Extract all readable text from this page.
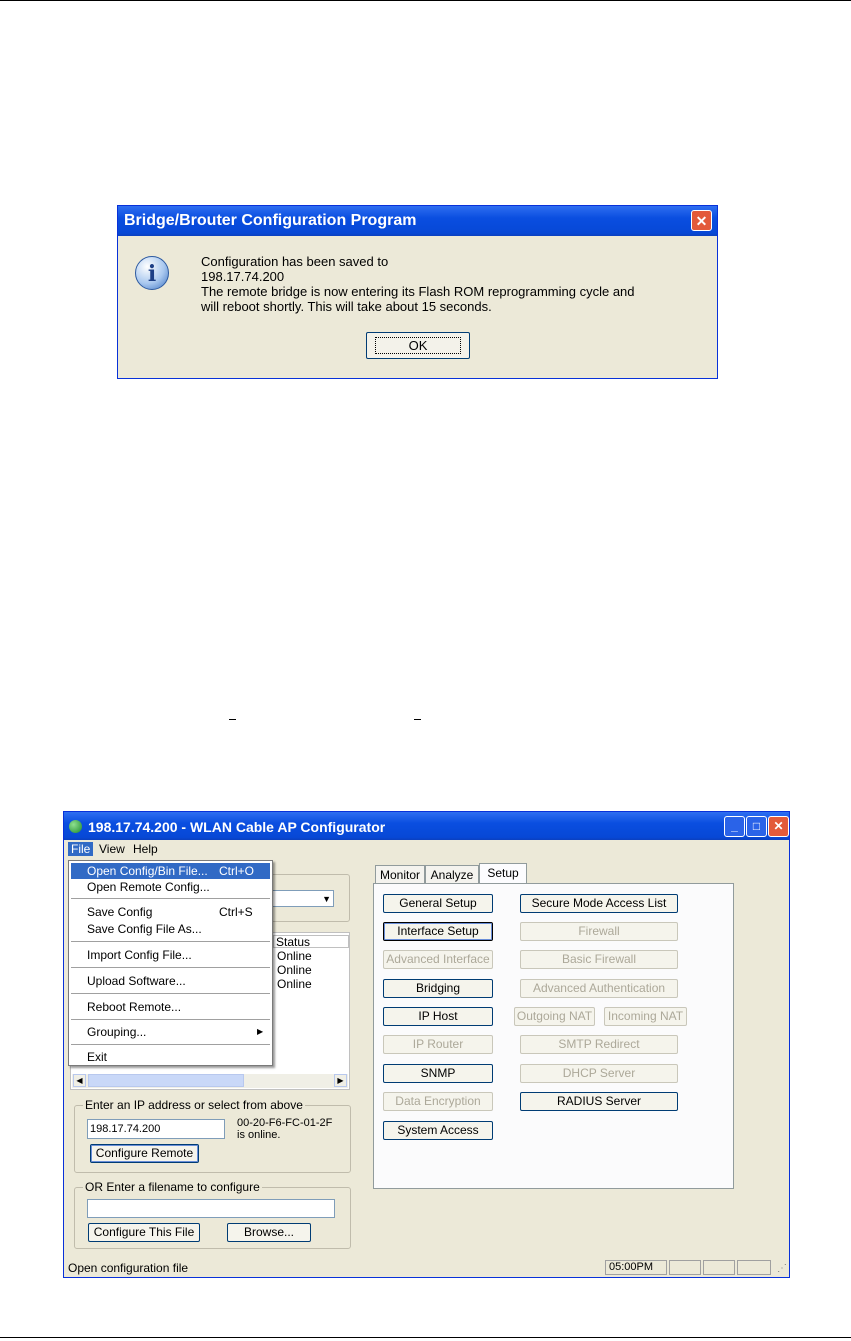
Bridge/Brouter Configuration Program	✕
i	Configuration has been saved to
198.17.74.200
The remote bridge is now entering its Flash ROM reprogramming cycle and
will reboot shortly. This will take about 15 seconds.
OK
198.17.74.200 - WLAN Cable AP Configurator	_	□	✕
File View Help
▼
Status
Online
Online
Online
◀	▶
Enter an IP address or select from above
198.17.74.200	00-20-F6-FC-01-2F
is online.
Configure Remote
OR Enter a filename to configure
Configure This File	Browse...
Monitor Analyze	Setup
General Setup
Interface Setup
Advanced Interface
Bridging
IP Host
IP Router
SNMP
Data Encryption
System Access
Secure Mode Access List
Firewall
Basic Firewall
Advanced Authentication
Outgoing NAT	Incoming NAT
SMTP Redirect
DHCP Server
RADIUS Server
Open Config/Bin File... Ctrl+O
Open Remote Config...
Save Config	Ctrl+S
Save Config File As...
Import Config File...
Upload Software...
Reboot Remote...
Grouping...	▶
Exit
Open configuration file	05:00PM	⋰
